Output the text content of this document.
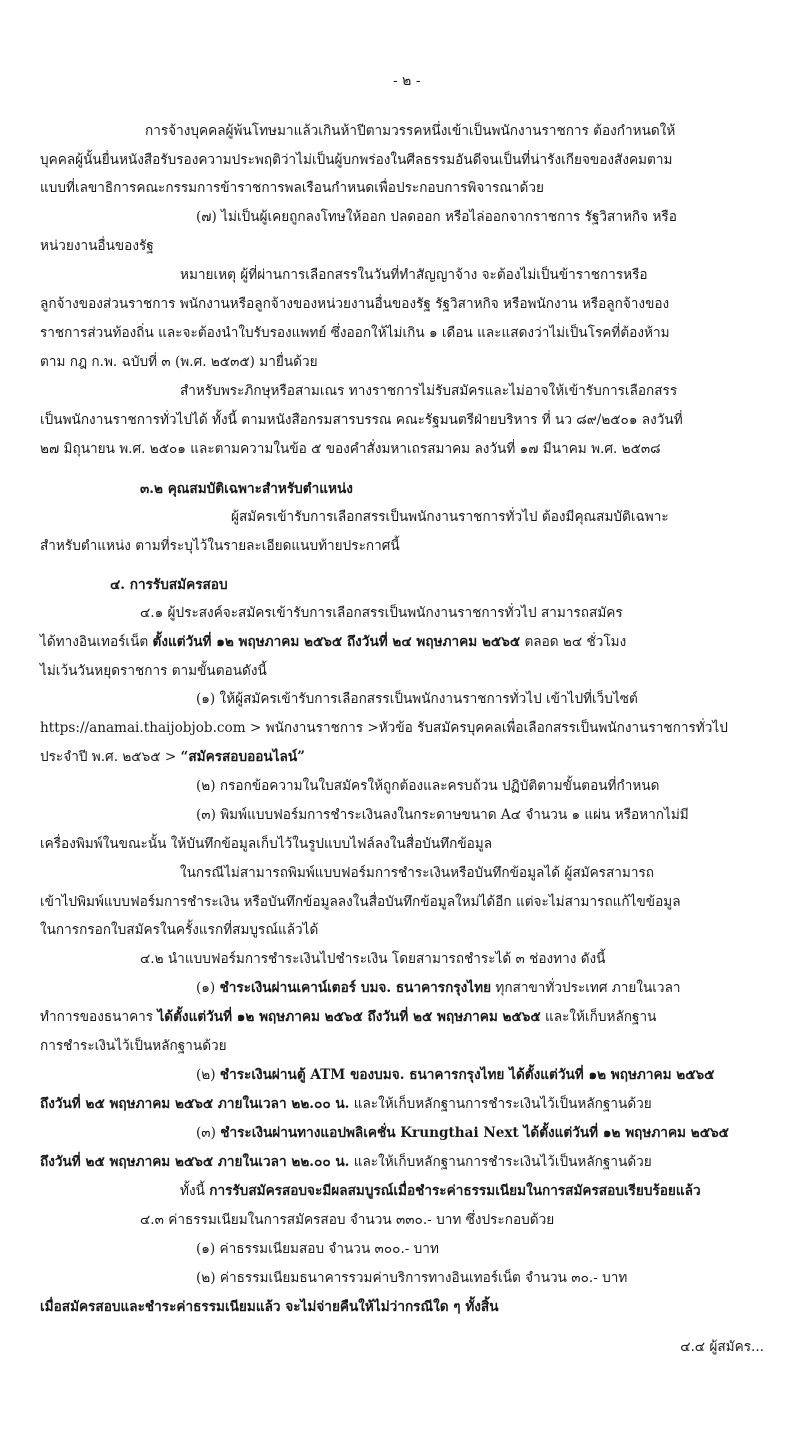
- ๒ -
การจ้างบุคคลผู้พ้นโทษมาแล้วเกินห้าปีตามวรรคหนึ่งเข้าเป็นพนักงานราชการ ต้องกำหนดให้
บุคคลผู้นั้นยื่นหนังสือรับรองความประพฤติว่าไม่เป็นผู้บกพร่องในศีลธรรมอันดีจนเป็นที่น่ารังเกียจของสังคมตาม
แบบที่เลขาธิการคณะกรรมการข้าราชการพลเรือนกำหนดเพื่อประกอบการพิจารณาด้วย
(๗) ไม่เป็นผู้เคยถูกลงโทษให้ออก ปลดออก หรือไล่ออกจากราชการ รัฐวิสาหกิจ หรือ
หน่วยงานอื่นของรัฐ
หมายเหตุ ผู้ที่ผ่านการเลือกสรรในวันที่ทำสัญญาจ้าง จะต้องไม่เป็นข้าราชการหรือ
ลูกจ้างของส่วนราชการ พนักงานหรือลูกจ้างของหน่วยงานอื่นของรัฐ รัฐวิสาหกิจ หรือพนักงาน หรือลูกจ้างของ
ราชการส่วนท้องถิ่น และจะต้องนำใบรับรองแพทย์ ซึ่งออกให้ไม่เกิน ๑ เดือน และแสดงว่าไม่เป็นโรคที่ต้องห้าม
ตาม กฎ ก.พ. ฉบับที่ ๓ (พ.ศ. ๒๕๓๕) มายื่นด้วย
สำหรับพระภิกษุหรือสามเณร ทางราชการไม่รับสมัครและไม่อาจให้เข้ารับการเลือกสรร
เป็นพนักงานราชการทั่วไปได้ ทั้งนี้ ตามหนังสือกรมสารบรรณ คณะรัฐมนตรีฝ่ายบริหาร ที่ นว ๘๙/๒๕๐๑ ลงวันที่
๒๗ มิถุนายน พ.ศ. ๒๕๐๑ และตามความในข้อ ๕ ของคำสั่งมหาเถรสมาคม ลงวันที่ ๑๗ มีนาคม พ.ศ. ๒๕๓๘
๓.๒ คุณสมบัติเฉพาะสำหรับตำแหน่ง
ผู้สมัครเข้ารับการเลือกสรรเป็นพนักงานราชการทั่วไป ต้องมีคุณสมบัติเฉพาะ
สำหรับตำแหน่ง ตามที่ระบุไว้ในรายละเอียดแนบท้ายประกาศนี้
๔. การรับสมัครสอบ
๔.๑ ผู้ประสงค์จะสมัครเข้ารับการเลือกสรรเป็นพนักงานราชการทั่วไป สามารถสมัคร
ได้ทางอินเทอร์เน็ต ตั้งแต่วันที่ ๑๒ พฤษภาคม ๒๕๖๕ ถึงวันที่ ๒๔ พฤษภาคม ๒๕๖๕ ตลอด ๒๔ ชั่วโมง
ไม่เว้นวันหยุดราชการ ตามขั้นตอนดังนี้
(๑) ให้ผู้สมัครเข้ารับการเลือกสรรเป็นพนักงานราชการทั่วไป เข้าไปที่เว็บไซต์
https://anamai.thaijobjob.com > พนักงานราชการ >หัวข้อ รับสมัครบุคคลเพื่อเลือกสรรเป็นพนักงานราชการทั่วไป
ประจำปี พ.ศ. ๒๕๖๕ > “สมัครสอบออนไลน์”
(๒) กรอกข้อความในใบสมัครให้ถูกต้องและครบถ้วน ปฏิบัติตามขั้นตอนที่กำหนด
(๓) พิมพ์แบบฟอร์มการชำระเงินลงในกระดาษขนาด A๔ จำนวน ๑ แผ่น หรือหากไม่มี
เครื่องพิมพ์ในขณะนั้น ให้บันทึกข้อมูลเก็บไว้ในรูปแบบไฟล์ลงในสื่อบันทึกข้อมูล
ในกรณีไม่สามารถพิมพ์แบบฟอร์มการชำระเงินหรือบันทึกข้อมูลได้ ผู้สมัครสามารถ
เข้าไปพิมพ์แบบฟอร์มการชำระเงิน หรือบันทึกข้อมูลลงในสื่อบันทึกข้อมูลใหม่ได้อีก แต่จะไม่สามารถแก้ไขข้อมูล
ในการกรอกใบสมัครในครั้งแรกที่สมบูรณ์แล้วได้
๔.๒ นำแบบฟอร์มการชำระเงินไปชำระเงิน โดยสามารถชำระได้ ๓ ช่องทาง ดังนี้
(๑) ชำระเงินผ่านเคาน์เตอร์ บมจ. ธนาคารกรุงไทย ทุกสาขาทั่วประเทศ ภายในเวลา
ทำการของธนาคาร ได้ตั้งแต่วันที่ ๑๒ พฤษภาคม ๒๕๖๕ ถึงวันที่ ๒๕ พฤษภาคม ๒๕๖๕ และให้เก็บหลักฐาน
การชำระเงินไว้เป็นหลักฐานด้วย
(๒) ชำระเงินผ่านตู้ ATM ของบมจ. ธนาคารกรุงไทย ได้ตั้งแต่วันที่ ๑๒ พฤษภาคม ๒๕๖๕
ถึงวันที่ ๒๕ พฤษภาคม ๒๕๖๕ ภายในเวลา ๒๒.๐๐ น. และให้เก็บหลักฐานการชำระเงินไว้เป็นหลักฐานด้วย
(๓) ชำระเงินผ่านทางแอปพลิเคชั่น Krungthai Next ได้ตั้งแต่วันที่ ๑๒ พฤษภาคม ๒๕๖๕
ถึงวันที่ ๒๕ พฤษภาคม ๒๕๖๕ ภายในเวลา ๒๒.๐๐ น. และให้เก็บหลักฐานการชำระเงินไว้เป็นหลักฐานด้วย
ทั้งนี้ การรับสมัครสอบจะมีผลสมบูรณ์เมื่อชำระค่าธรรมเนียมในการสมัครสอบเรียบร้อยแล้ว
๔.๓ ค่าธรรมเนียมในการสมัครสอบ จำนวน ๓๓๐.- บาท ซึ่งประกอบด้วย
(๑) ค่าธรรมเนียมสอบ จำนวน ๓๐๐.- บาท
(๒) ค่าธรรมเนียมธนาคารรวมค่าบริการทางอินเทอร์เน็ต จำนวน ๓๐.- บาท
เมื่อสมัครสอบและชำระค่าธรรมเนียมแล้ว จะไม่จ่ายคืนให้ไม่ว่ากรณีใด ๆ ทั้งสิ้น
๔.๔ ผู้สมัคร...
